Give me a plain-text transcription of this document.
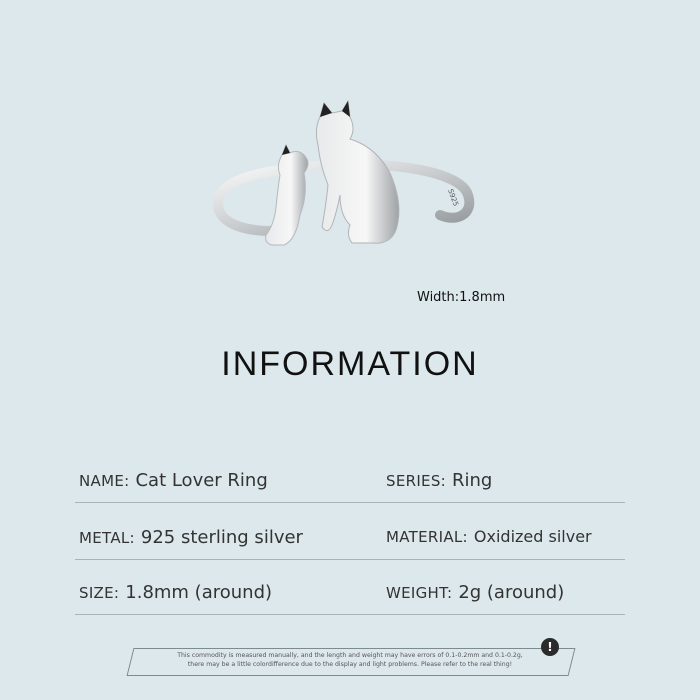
S925
Width:1.8mm
INFORMATION
NAME: Cat Lover Ring	SERIES: Ring
METAL: 925 sterling silver	MATERIAL: Oxidized silver
SIZE: 1.8mm (around)	WEIGHT: 2g (around)
This commodity is measured manually, and the length and weight may have errors of 0.1-0.2mm and 0.1-0.2g,
there may be a little colordifference due to the display and light problems. Please refer to the real thing!
!
